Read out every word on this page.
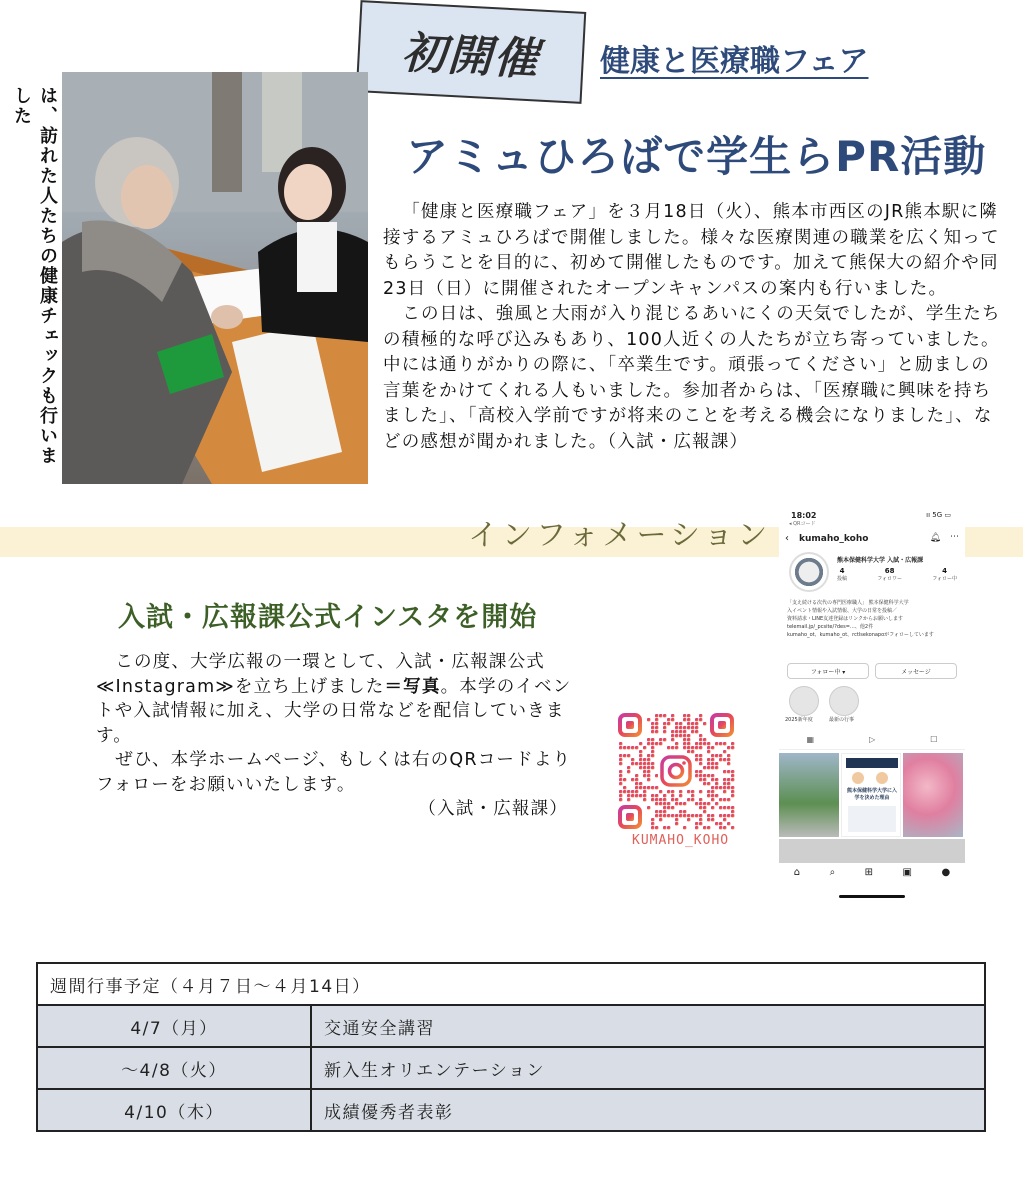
初開催 健康と医療職フェア
アミュひろばで学生らPR活動
は、訪れた人たちの健康チェックも行いました

「健康と医療職フェア」を３月18日（火）、熊本市西区のJR熊本駅に隣接するアミュひろばで開催しました。様々な医療関連の職業を広く知ってもらうことを目的に、初めて開催したものです。加えて熊保大の紹介や同23日（日）に開催されたオープンキャンパスの案内も行いました。

この日は、強風と大雨が入り混じるあいにくの天気でしたが、学生たちの積極的な呼び込みもあり、100人近くの人たちが立ち寄っていました。中には通りがかりの際に、「卒業生です。頑張ってください」と励ましの言葉をかけてくれる人もいました。参加者からは、「医療職に興味を持ちました」、「高校入学前ですが将来のことを考える機会になりました」、などの感想が聞かれました。（入試・広報課）

インフォメーション
入試・広報課公式インスタを開始

この度、大学広報の一環として、入試・広報課公式≪Instagram≫を立ち上げました＝写真。本学のイベントや入試情報に加え、大学の日常などを配信していきます。

ぜひ、本学ホームページ、もしくは右のQRコードよりフォローをお願いいたします。

（入試・広報課）

KUMAHO_KOHO
18:02	ıı 5G ▭
◂ QRコード
‹ kumaho_koho	🔔︎ ⋯
熊本保健科学大学 入試・広報課
4
投稿
68
フォロワー
4
フォロー中
「支え続ける次代の専門医療職人」 熊本保健科学大学
入イベント情報や入試情報、大学の日常を投稿／
資料請求・LINE友達登録はリンクからお願いします
telemail.jp/_pcsite/?des=…、他2件
kumaho_ot、kumaho_ot、rctlsekonapoがフォローしています
フォロー中 ▾	メッセージ
2025新年度	最新の行事
▦	▷	☐
熊本保健科学大学に入学を決めた理由
⌂	⌕	⊞	▣	●
週間行事予定（４月７日～４月14日）	
4/7（月）	交通安全講習
～4/8（火）	新入生オリエンテーション
4/10（木）	成績優秀者表彰
